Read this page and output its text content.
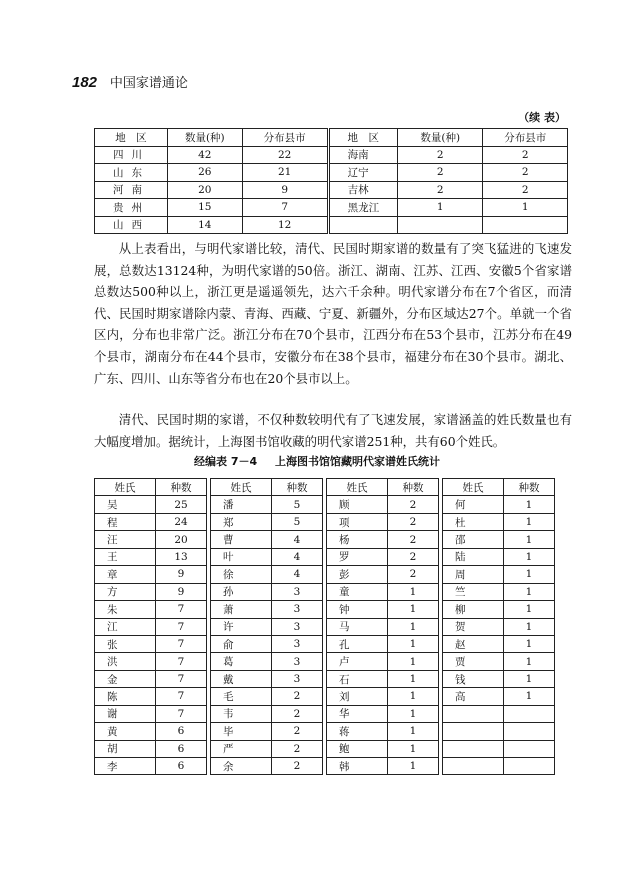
182 中国家谱通论
（续 表）
地　区	数量(种)	分布县市	地　区	数量(种)	分布县市
四川	42	22	海南	2	2
山东	26	21	辽宁	2	2
河南	20	9	吉林	2	2
贵州	15	7	黑龙江	1	1
山西	14	12			

从上表看出，与明代家谱比较，清代、民国时期家谱的数量有了突飞猛进的飞速发展，总数达13124种，为明代家谱的50倍。浙江、湖南、江苏、江西、安徽5个省家谱总数达500种以上，浙江更是遥遥领先，达六千余种。明代家谱分布在7个省区，而清代、民国时期家谱除内蒙、青海、西藏、宁夏、新疆外，分布区域达27个。单就一个省区内，分布也非常广泛。浙江分布在70个县市，江西分布在53个县市，江苏分布在49个县市，湖南分布在44个县市，安徽分布在38个县市，福建分布在30个县市。湖北、广东、四川、山东等省分布也在20个县市以上。

清代、民国时期的家谱，不仅种数较明代有了飞速发展，家谱涵盖的姓氏数量也有大幅度增加。据统计，上海图书馆收藏的明代家谱251种，共有60个姓氏。

经编表 7－4 上海图书馆馆藏明代家谱姓氏统计
姓氏	种数
吴	25
程	24
汪	20
王	13
章	9
方	9
朱	7
江	7
张	7
洪	7
金	7
陈	7
谢	7
黄	6
胡	6
李	6
姓氏	种数
潘	5
郑	5
曹	4
叶	4
徐	4
孙	3
萧	3
许	3
俞	3
葛	3
戴	3
毛	2
韦	2
毕	2
严	2
余	2
姓氏	种数
顾	2
项	2
杨	2
罗	2
彭	2
童	1
钟	1
马	1
孔	1
卢	1
石	1
刘	1
华	1
蒋	1
鲍	1
韩	1
姓氏	种数
何	1
杜	1
邵	1
陆	1
周	1
竺	1
柳	1
贺	1
赵	1
贾	1
钱	1
高	1
